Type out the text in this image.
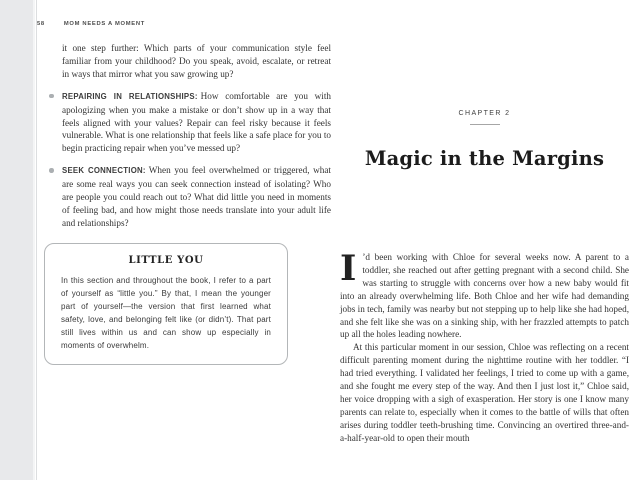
58	MOM NEEDS A MOMENT

it one step further: Which parts of your communication style feel familiar from your childhood? Do you speak, avoid, escalate, or retreat in ways that mirror what you saw growing up?

REPAIRING IN RELATIONSHIPS: How comfortable are you with apologizing when you make a mistake or don’t show up in a way that feels aligned with your values? Repair can feel risky because it feels vulnerable. What is one relationship that feels like a safe place for you to begin practicing repair when you’ve messed up?

SEEK CONNECTION: When you feel overwhelmed or triggered, what are some real ways you can seek connection instead of isolating? Who are people you could reach out to? What did little you need in moments of feeling bad, and how might those needs translate into your adult life and relationships?

LITTLE YOU

In this section and throughout the book, I refer to a part of yourself as “little you.” By that, I mean the younger part of yourself—the version that first learned what safety, love, and belonging felt like (or didn’t). That part still lives within us and can show up especially in moments of overwhelm.

CHAPTER 2

Magic in the Margins

I ’d been working with Chloe for several weeks now. A parent to a toddler, she reached out after getting pregnant with a second child. She was starting to struggle with concerns over how a new baby would fit into an already overwhelming life. Both Chloe and her wife had demanding jobs in tech, family was nearby but not stepping up to help like she had hoped, and she felt like she was on a sinking ship, with her frazzled attempts to patch up all the holes leading nowhere.

At this particular moment in our session, Chloe was reflecting on a recent difficult parenting moment during the nighttime routine with her toddler. “I had tried everything. I validated her feelings, I tried to come up with a game, and she fought me every step of the way. And then I just lost it,” Chloe said, her voice dropping with a sigh of exasperation. Her story is one I know many parents can relate to, especially when it comes to the battle of wills that often arises during toddler teeth-brushing time. Convincing an overtired three-and-a-half-year-old to open their mouth
